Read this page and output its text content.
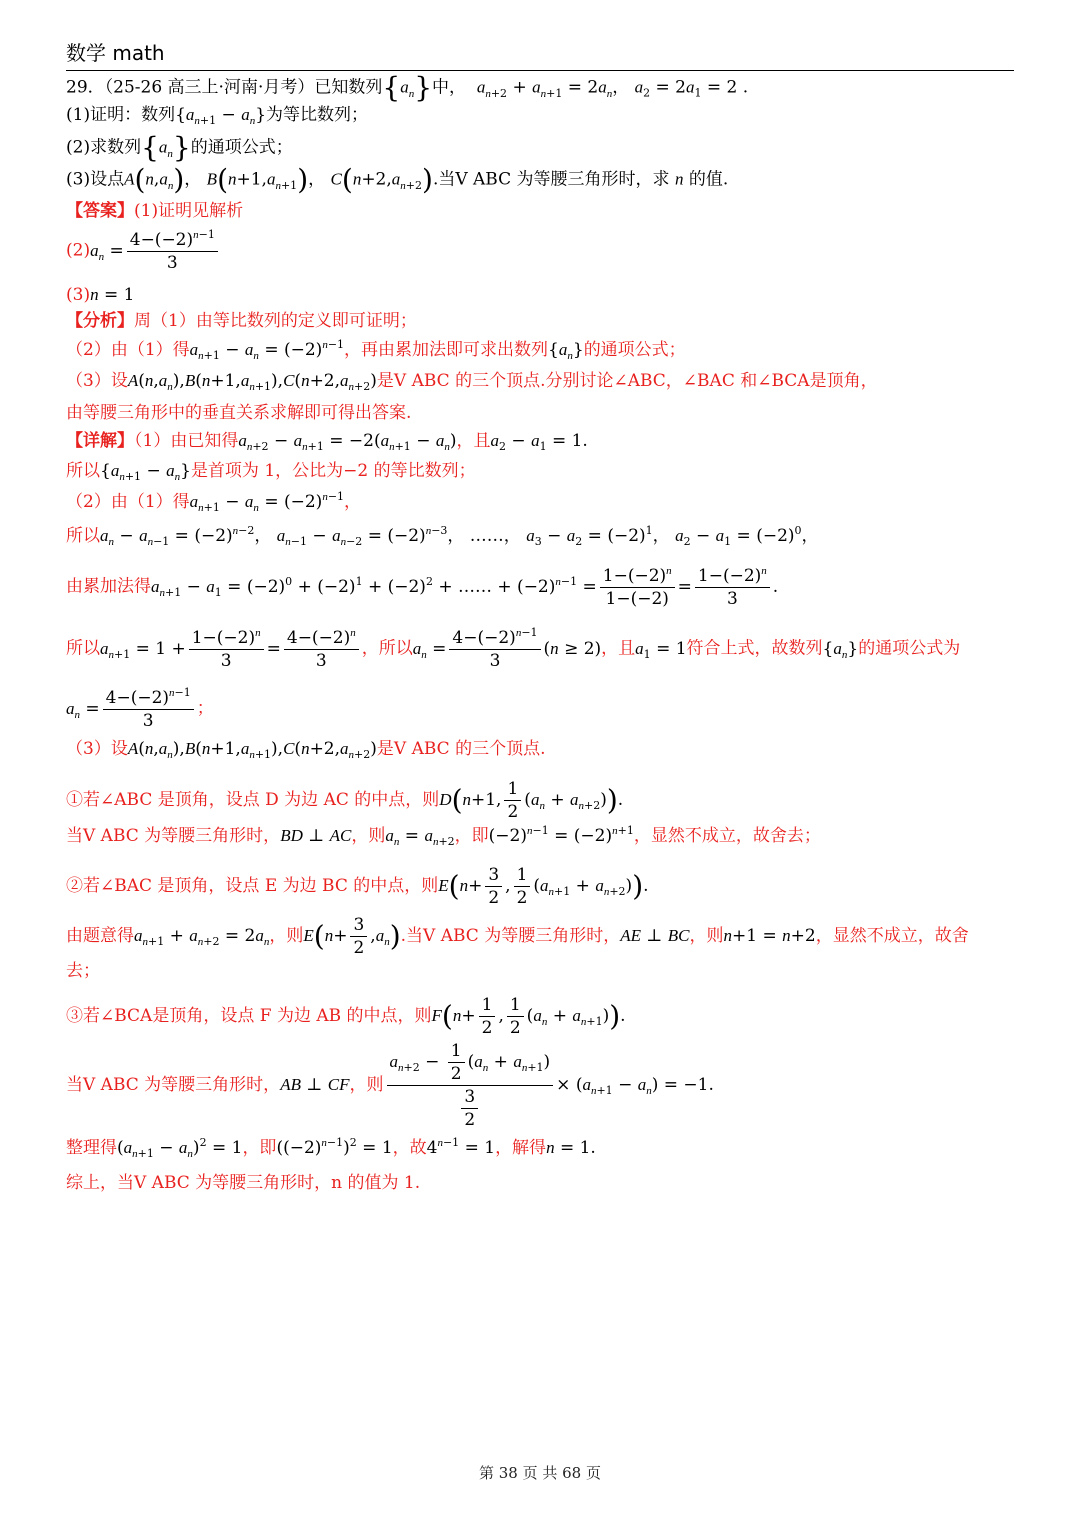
数学 math
29．（25-26 高三上·河南·月考）已知数列$\{a_n\}$中， $a_{n+2} + a_{n+1} = 2a_n$， $a_2 = 2a_1 = 2$ .
(1)证明：数列$\{a_{n+1} - a_n\}$为等比数列；
(2)求数列$\{a_n\}$的通项公式；
(3)设点$A(n,a_n)$， $B(n+1,a_{n+1})$， $C(n+2,a_{n+2})$.当V ABC 为等腰三角形时，求 n 的值.
【答案】(1)证明见解析
$(2)a_n = \frac{4-(-2)^{n-1}}{3}$
(3)n = 1
【分析】周（1）由等比数列的定义即可证明；
（2）由（1）得$a_{n+1} - a_n = (-2)^{n-1}$，再由累加法即可求出数列$\{a_n\}$的通项公式；
（3）设$A(n,a_n),B(n+1,a_{n+1}),C(n+2,a_{n+2})$是V ABC 的三个顶点.分别讨论∠ABC，∠BAC 和∠BCA是顶角，
由等腰三角形中的垂直关系求解即可得出答案.
【详解】（1）由已知得$a_{n+2} - a_{n+1} = -2(a_{n+1} - a_n)$，且$a_2 - a_1 = 1$.
所以$\{a_{n+1} - a_n\}$是首项为 1，公比为−2 的等比数列；
（2）由（1）得$a_{n+1} - a_n = (-2)^{n-1}$，
所以$a_n - a_{n-1} = (-2)^{n-2}$， $a_{n-1} - a_{n-2} = (-2)^{n-3}$， ……， $a_3 - a_2 = (-2)^1$， $a_2 - a_1 = (-2)^0$，
由累加法得$a_{n+1} - a_1 = (-2)^0 + (-2)^1 + (-2)^2$ + …… + $(-2)^{n-1} = \frac{1-(-2)^n}{1-(-2)} = \frac{1-(-2)^n}{3}$ .
所以$a_{n+1} = 1 + \frac{1-(-2)^n}{3} = \frac{4-(-2)^n}{3}$ ，所以$a_n = \frac{4-(-2)^{n-1}}{3} (n \ge 2)$，且$a_1 = 1$符合上式，故数列$\{a_n\}$的通项公式为
$a_n = \frac{4-(-2)^{n-1}}{3}$ ；
（3）设$A(n,a_n),B(n+1,a_{n+1}),C(n+2,a_{n+2})$是V ABC 的三个顶点.
①若∠ABC 是顶角，设点 D 为边 AC 的中点，则D(n+1, $\frac{1}{2} (a_n + a_{n+2})$).
当V ABC 为等腰三角形时，BD ⊥ AC，则$a_n = a_{n+2}$，即$(-2)^{n-1} = (-2)^{n+1}$，显然不成立，故舍去；
②若∠BAC 是顶角，设点 E 为边 BC 的中点，则$E(n+ \frac{3}{2}$ , $\frac{1}{2} (a_{n+1} + a_{n+2})$).
由题意得$a_{n+1} + a_{n+2} = 2a_n$，则$E(n+ \frac{3}{2} ,a_n)$.当V ABC 为等腰三角形时，AE ⊥ BC，则n+1 = n+2，显然不成立，故舍
去；
③若∠BCA是顶角，设点 F 为边 AB 的中点，则$F(n+ \frac{1}{2}$ , $\frac{1}{2} (a_n + a_{n+1})$).
当V ABC 为等腰三角形时，AB ⊥ CF，则 $\frac{a_{n+2} - \frac{1}{2} (a_n + a_{n+1})}{\frac{3}{2}} \times (a_{n+1} - a_n) = -1$.
整理得$(a_{n+1} - a_n)^2 = 1$，即$((-2)^{n-1})^2 = 1$，故$4^{n-1} = 1$，解得n = 1.
综上，当V ABC 为等腰三角形时，n 的值为 1.
第 38 页 共 68 页
